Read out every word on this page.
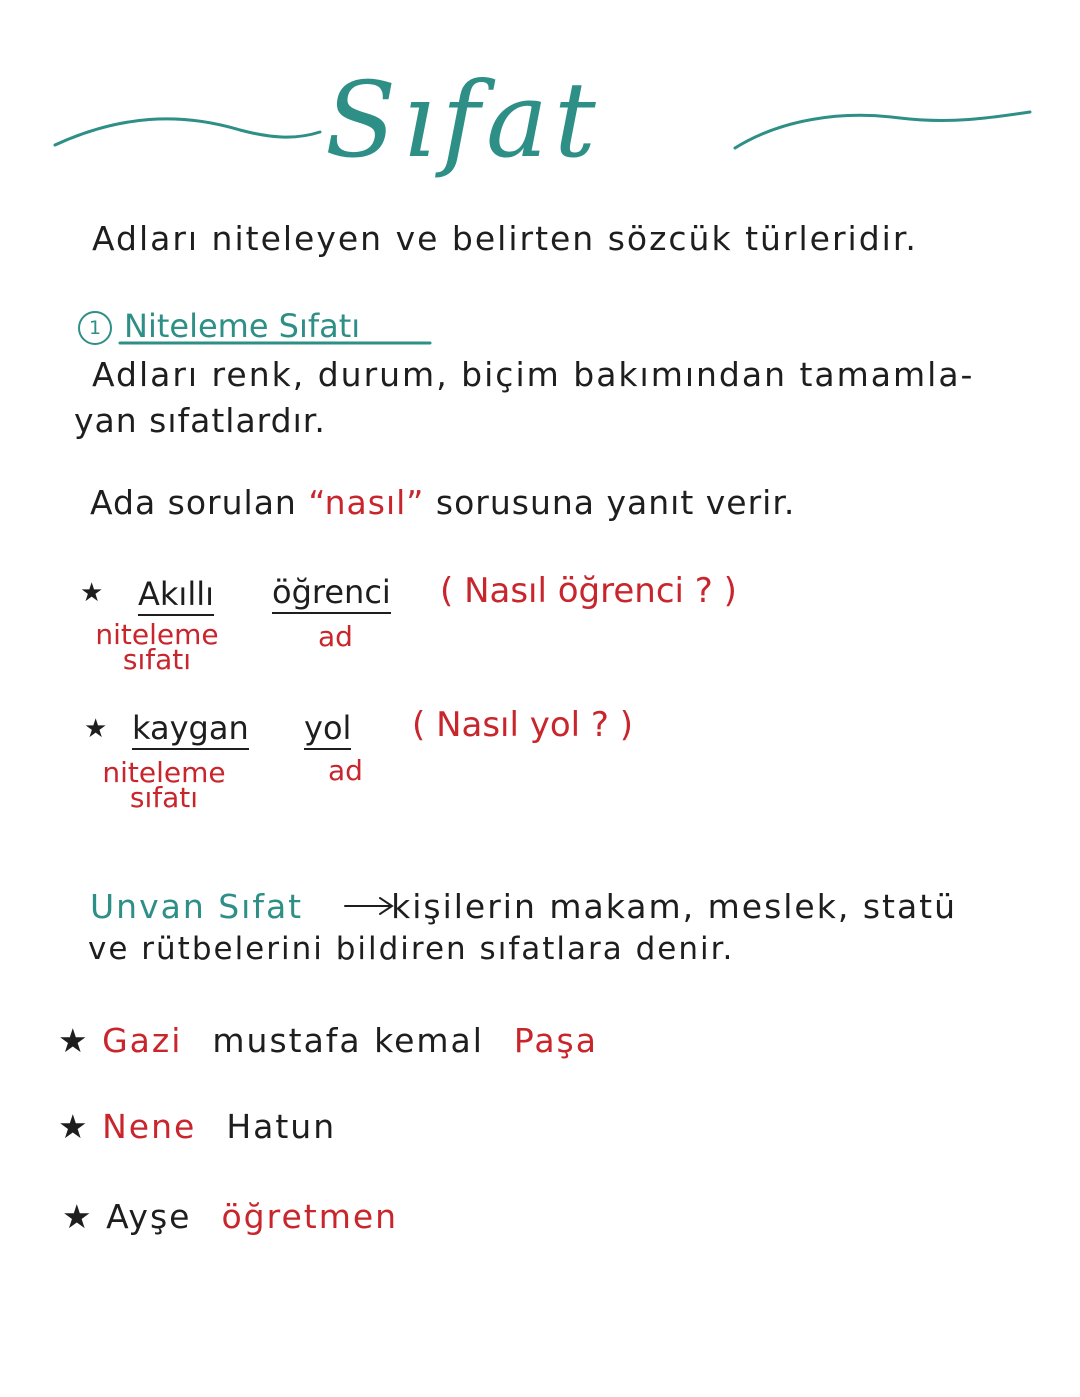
Sıfat
Adları niteleyen ve belirten sözcük türleridir.
1 Niteleme Sıfatı
Adları renk, durum, biçim bakımından tamamla-
yan sıfatlardır.
Ada sorulan “nasıl” sorusuna yanıt verir.
★ Akıllı öğrenci ( Nasıl öğrenci ? )
niteleme sıfatı
ad
★ kaygan yol ( Nasıl yol ? )
niteleme sıfatı
ad
Unvan Sıfat	kişilerin makam, meslek, statü
ve rütbelerini bildiren sıfatlara denir.
★ Gazi mustafa kemal Paşa
★ Nene Hatun
★ Ayşe öğretmen
